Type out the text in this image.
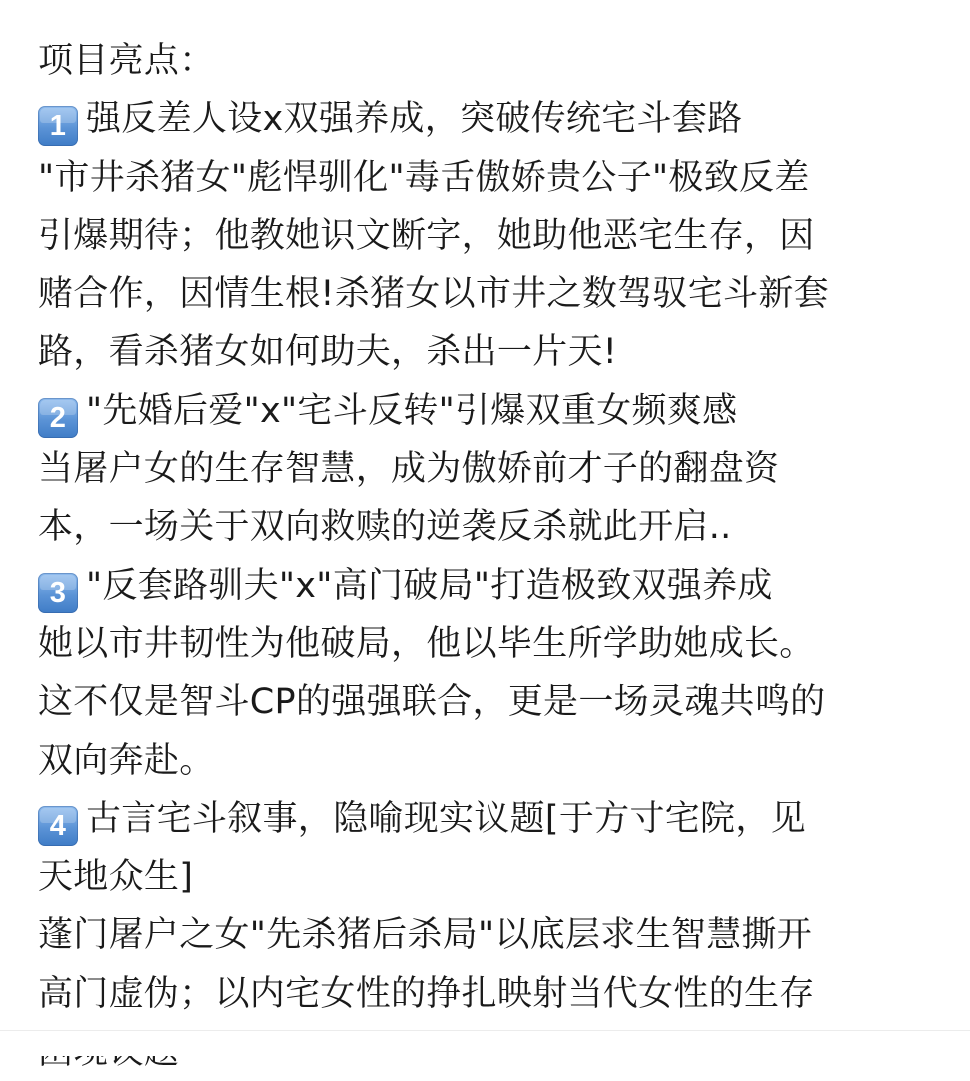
项目亮点：
1 强反差人设x双强养成，突破传统宅斗套路
"市井杀猪女"彪悍驯化"毒舌傲娇贵公子"极致反差
引爆期待；他教她识文断字，她助他恶宅生存，因
赌合作，因情生根!杀猪女以市井之数驾驭宅斗新套
路，看杀猪女如何助夫，杀出一片天!
2 "先婚后爱"x"宅斗反转"引爆双重女频爽感
当屠户女的生存智慧，成为傲娇前才子的翻盘资
本，一场关于双向救赎的逆袭反杀就此开启..
3 "反套路驯夫"x"高门破局"打造极致双强养成
她以市井韧性为他破局，他以毕生所学助她成长。
这不仅是智斗CP的强强联合，更是一场灵魂共鸣的
双向奔赴。
4 古言宅斗叙事，隐喻现实议题[于方寸宅院，见
天地众生]
蓬门屠户之女"先杀猪后杀局"以底层求生智慧撕开
高门虚伪；以内宅女性的挣扎映射当代女性的生存
